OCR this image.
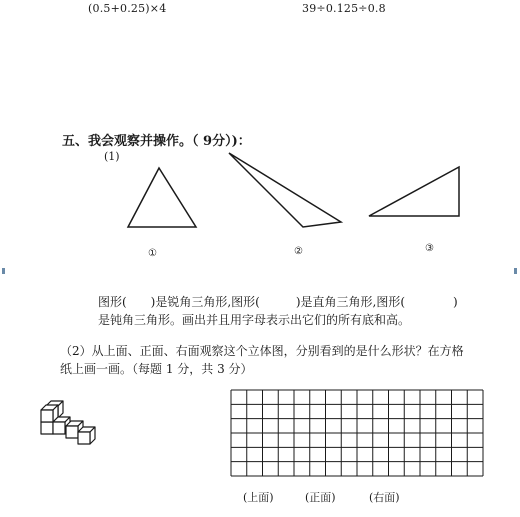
(0.5+0.25)×4	39÷0.125÷0.8
五、我会观察并操作。（ 9分）)：
(1)
①	②	③
图形(　　)是锐角三角形,图形(　　　)是直角三角形,图形(　　　　)
是钝角三角形。画出并且用字母表示出它们的所有底和高。
（2）从上面、正面、右面观察这个立体图，分别看到的是什么形状？在方格
纸上画一画。（每题 1 分，共 3 分）
(上面)	(正面)	(右面)
